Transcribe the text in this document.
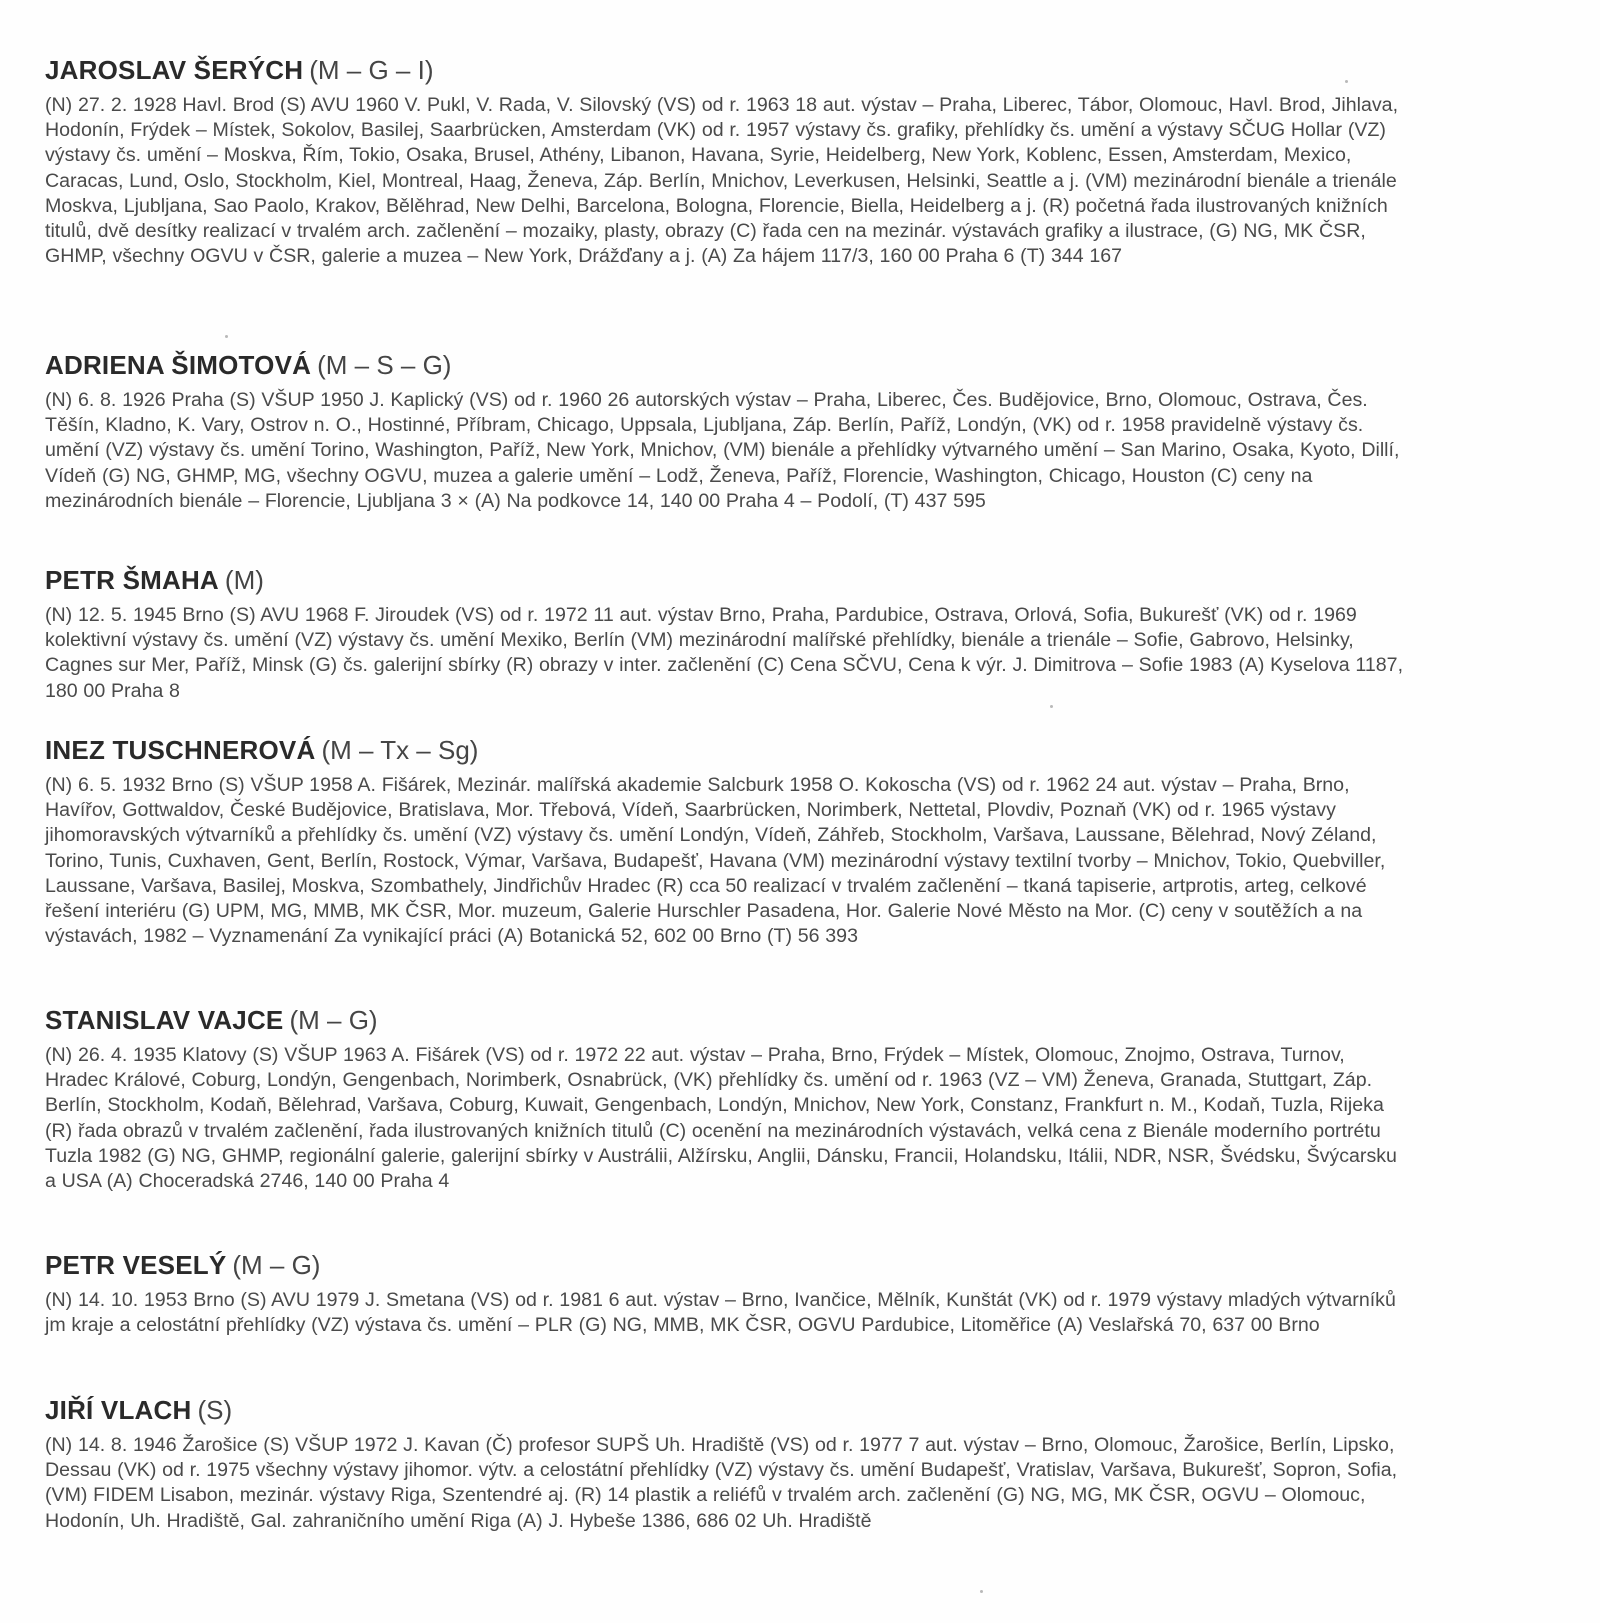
JAROSLAV ŠERÝCH (M – G – I)

(N) 27. 2. 1928 Havl. Brod (S) AVU 1960 V. Pukl, V. Rada, V. Silovský (VS) od r. 1963 18 aut. výstav – Praha, Liberec, Tábor, Olomouc, Havl. Brod, Jihlava, Hodonín, Frýdek – Místek, Sokolov, Basilej, Saarbrücken, Amsterdam (VK) od r. 1957 výstavy čs. grafiky, přehlídky čs. umění a výstavy SČUG Hollar (VZ) výstavy čs. umění – Moskva, Řím, Tokio, Osaka, Brusel, Athény, Libanon, Havana, Syrie, Heidelberg, New York, Koblenc, Essen, Amsterdam, Mexico, Caracas, Lund, Oslo, Stockholm, Kiel, Montreal, Haag, Ženeva, Záp. Berlín, Mnichov, Leverkusen, Helsinki, Seattle a j. (VM) mezinárodní bienále a trienále Moskva, Ljubljana, Sao Paolo, Krakov, Bělěhrad, New Delhi, Barcelona, Bologna, Florencie, Biella, Heidelberg a j. (R) početná řada ilustrovaných knižních titulů, dvě desítky realizací v trvalém arch. začlenění – mozaiky, plasty, obrazy (C) řada cen na mezinár. výstavách grafiky a ilustrace, (G) NG, MK ČSR, GHMP, všechny OGVU v ČSR, galerie a muzea – New York, Drážďany a j. (A) Za hájem 117/3, 160 00 Praha 6 (T) 344 167

ADRIENA ŠIMOTOVÁ (M – S – G)

(N) 6. 8. 1926 Praha (S) VŠUP 1950 J. Kaplický (VS) od r. 1960 26 autorských výstav – Praha, Liberec, Čes. Budějovice, Brno, Olomouc, Ostrava, Čes. Těšín, Kladno, K. Vary, Ostrov n. O., Hostinné, Příbram, Chicago, Uppsala, Ljubljana, Záp. Berlín, Paříž, Londýn, (VK) od r. 1958 pravidelně výstavy čs. umění (VZ) výstavy čs. umění Torino, Washington, Paříž, New York, Mnichov, (VM) bienále a přehlídky výtvarného umění – San Marino, Osaka, Kyoto, Dillí, Vídeň (G) NG, GHMP, MG, všechny OGVU, muzea a galerie umění – Lodž, Ženeva, Paříž, Florencie, Washington, Chicago, Houston (C) ceny na mezinárodních bienále – Florencie, Ljubljana 3 × (A) Na podkovce 14, 140 00 Praha 4 – Podolí, (T) 437 595

PETR ŠMAHA (M)

(N) 12. 5. 1945 Brno (S) AVU 1968 F. Jiroudek (VS) od r. 1972 11 aut. výstav Brno, Praha, Pardubice, Ostrava, Orlová, Sofia, Bukurešť (VK) od r. 1969 kolektivní výstavy čs. umění (VZ) výstavy čs. umění Mexiko, Berlín (VM) mezinárodní malířské přehlídky, bienále a trienále – Sofie, Gabrovo, Helsinky, Cagnes sur Mer, Paříž, Minsk (G) čs. galerijní sbírky (R) obrazy v inter. začlenění (C) Cena SČVU, Cena k výr. J. Dimitrova – Sofie 1983 (A) Kyselova 1187, 180 00 Praha 8

INEZ TUSCHNEROVÁ (M – Tx – Sg)

(N) 6. 5. 1932 Brno (S) VŠUP 1958 A. Fišárek, Mezinár. malířská akademie Salcburk 1958 O. Kokoscha (VS) od r. 1962 24 aut. výstav – Praha, Brno, Havířov, Gottwaldov, České Budějovice, Bratislava, Mor. Třebová, Vídeň, Saarbrücken, Norimberk, Nettetal, Plovdiv, Poznaň (VK) od r. 1965 výstavy jihomoravských výtvarníků a přehlídky čs. umění (VZ) výstavy čs. umění Londýn, Vídeň, Záhřeb, Stockholm, Varšava, Laussane, Bělehrad, Nový Zéland, Torino, Tunis, Cuxhaven, Gent, Berlín, Rostock, Výmar, Varšava, Budapešť, Havana (VM) mezinárodní výstavy textilní tvorby – Mnichov, Tokio, Quebviller, Laussane, Varšava, Basilej, Moskva, Szombathely, Jindřichův Hradec (R) cca 50 realizací v trvalém začlenění – tkaná tapiserie, artprotis, arteg, celkové řešení interiéru (G) UPM, MG, MMB, MK ČSR, Mor. muzeum, Galerie Hurschler Pasadena, Hor. Galerie Nové Město na Mor. (C) ceny v soutěžích a na výstavách, 1982 – Vyznamenání Za vynikající práci (A) Botanická 52, 602 00 Brno (T) 56 393

STANISLAV VAJCE (M – G)

(N) 26. 4. 1935 Klatovy (S) VŠUP 1963 A. Fišárek (VS) od r. 1972 22 aut. výstav – Praha, Brno, Frýdek – Místek, Olomouc, Znojmo, Ostrava, Turnov, Hradec Králové, Coburg, Londýn, Gengenbach, Norimberk, Osnabrück, (VK) přehlídky čs. umění od r. 1963 (VZ – VM) Ženeva, Granada, Stuttgart, Záp. Berlín, Stockholm, Kodaň, Bělehrad, Varšava, Coburg, Kuwait, Gengenbach, Londýn, Mnichov, New York, Constanz, Frankfurt n. M., Kodaň, Tuzla, Rijeka (R) řada obrazů v trvalém začlenění, řada ilustrovaných knižních titulů (C) ocenění na mezinárodních výstavách, velká cena z Bienále moderního portrétu Tuzla 1982 (G) NG, GHMP, regionální galerie, galerijní sbírky v Austrálii, Alžírsku, Anglii, Dánsku, Francii, Holandsku, Itálii, NDR, NSR, Švédsku, Švýcarsku a USA (A) Choceradská 2746, 140 00 Praha 4

PETR VESELÝ (M – G)

(N) 14. 10. 1953 Brno (S) AVU 1979 J. Smetana (VS) od r. 1981 6 aut. výstav – Brno, Ivančice, Mělník, Kunštát (VK) od r. 1979 výstavy mladých výtvarníků jm kraje a celostátní přehlídky (VZ) výstava čs. umění – PLR (G) NG, MMB, MK ČSR, OGVU Pardubice, Litoměřice (A) Veslařská 70, 637 00 Brno

JIŘÍ VLACH (S)

(N) 14. 8. 1946 Žarošice (S) VŠUP 1972 J. Kavan (Č) profesor SUPŠ Uh. Hradiště (VS) od r. 1977 7 aut. výstav – Brno, Olomouc, Žarošice, Berlín, Lipsko, Dessau (VK) od r. 1975 všechny výstavy jihomor. výtv. a celostátní přehlídky (VZ) výstavy čs. umění Budapešť, Vratislav, Varšava, Bukurešť, Sopron, Sofia, (VM) FIDEM Lisabon, mezinár. výstavy Riga, Szentendré aj. (R) 14 plastik a reliéfů v trvalém arch. začlenění (G) NG, MG, MK ČSR, OGVU – Olomouc, Hodonín, Uh. Hradiště, Gal. zahraničního umění Riga (A) J. Hybeše 1386, 686 02 Uh. Hradiště
